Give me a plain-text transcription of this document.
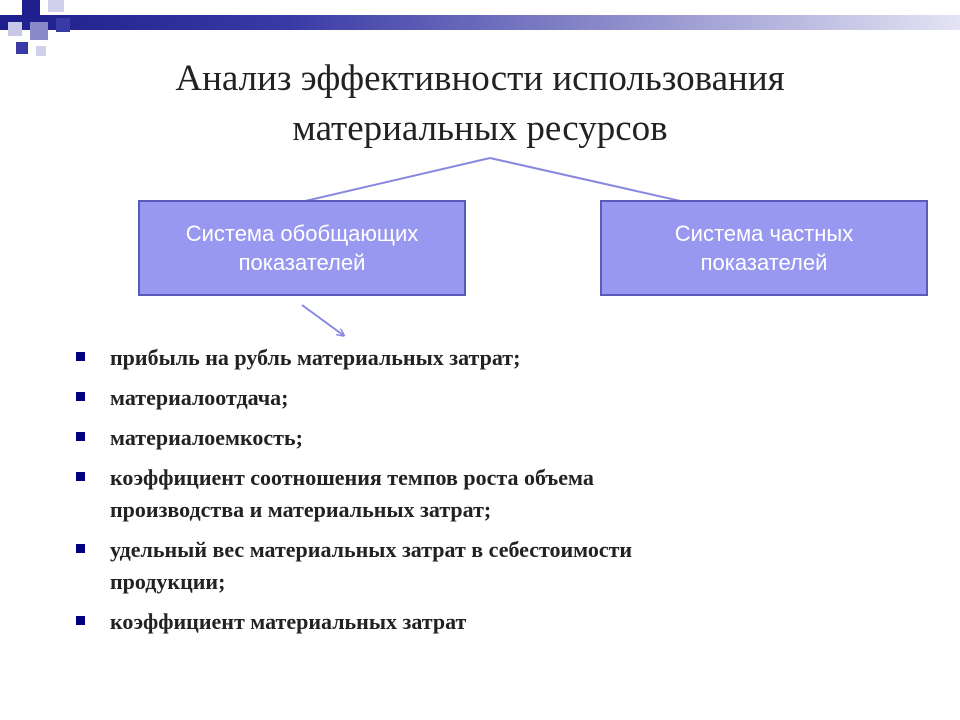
Анализ эффективности использования
материальных ресурсов
Система обобщающих
показателей
Система частных
показателей
прибыль на рубль материальных затрат;
материалоотдача;
материалоемкость;
коэффициент соотношения темпов роста объема производства и материальных затрат;
удельный вес материальных затрат в себестоимости продукции;
коэффициент материальных затрат
